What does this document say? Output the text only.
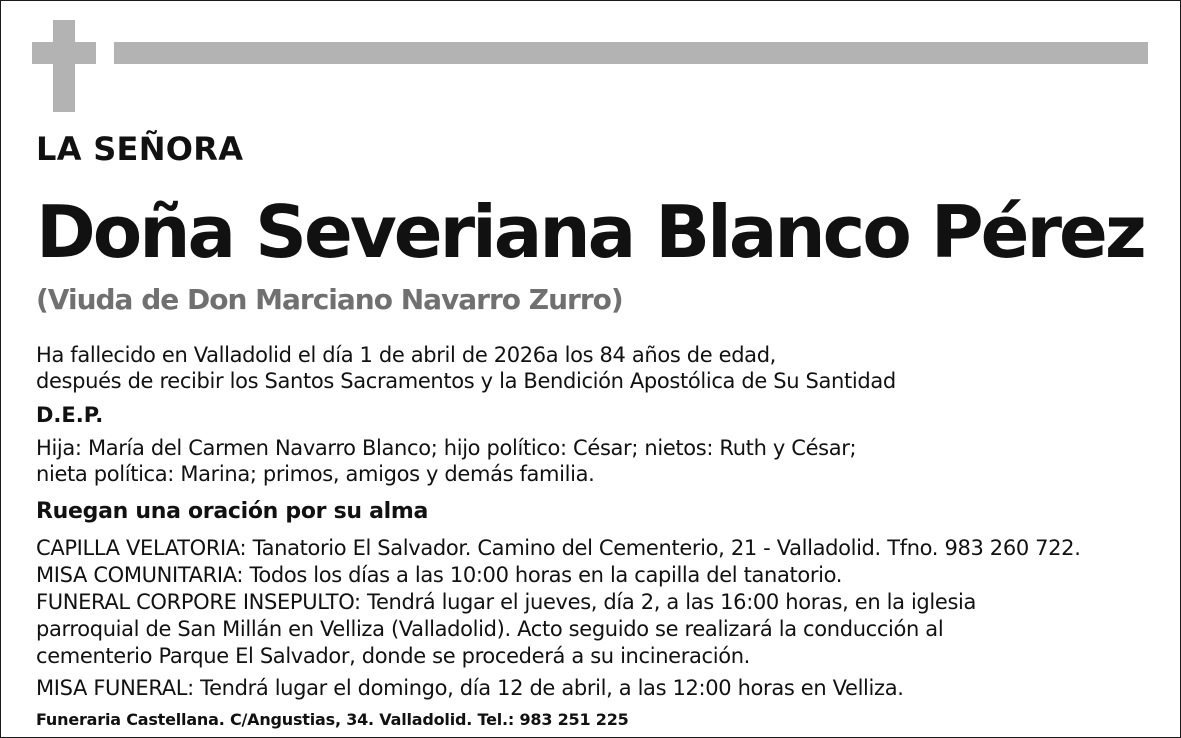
LA SEÑORA
Doña Severiana Blanco Pérez
(Viuda de Don Marciano Navarro Zurro)
Ha fallecido en Valladolid el día 1 de abril de 2026a los 84 años de edad,
después de recibir los Santos Sacramentos y la Bendición Apostólica de Su Santidad
D.E.P.
Hija: María del Carmen Navarro Blanco; hijo político: César; nietos: Ruth y César;
nieta política: Marina; primos, amigos y demás familia.
Ruegan una oración por su alma
CAPILLA VELATORIA: Tanatorio El Salvador. Camino del Cementerio, 21 - Valladolid. Tfno. 983 260 722.
MISA COMUNITARIA: Todos los días a las 10:00 horas en la capilla del tanatorio.
FUNERAL CORPORE INSEPULTO: Tendrá lugar el jueves, día 2, a las 16:00 horas, en la iglesia
parroquial de San Millán en Velliza (Valladolid). Acto seguido se realizará la conducción al
cementerio Parque El Salvador, donde se procederá a su incineración.
MISA FUNERAL: Tendrá lugar el domingo, día 12 de abril, a las 12:00 horas en Velliza.
Funeraria Castellana. C/Angustias, 34. Valladolid. Tel.: 983 251 225
